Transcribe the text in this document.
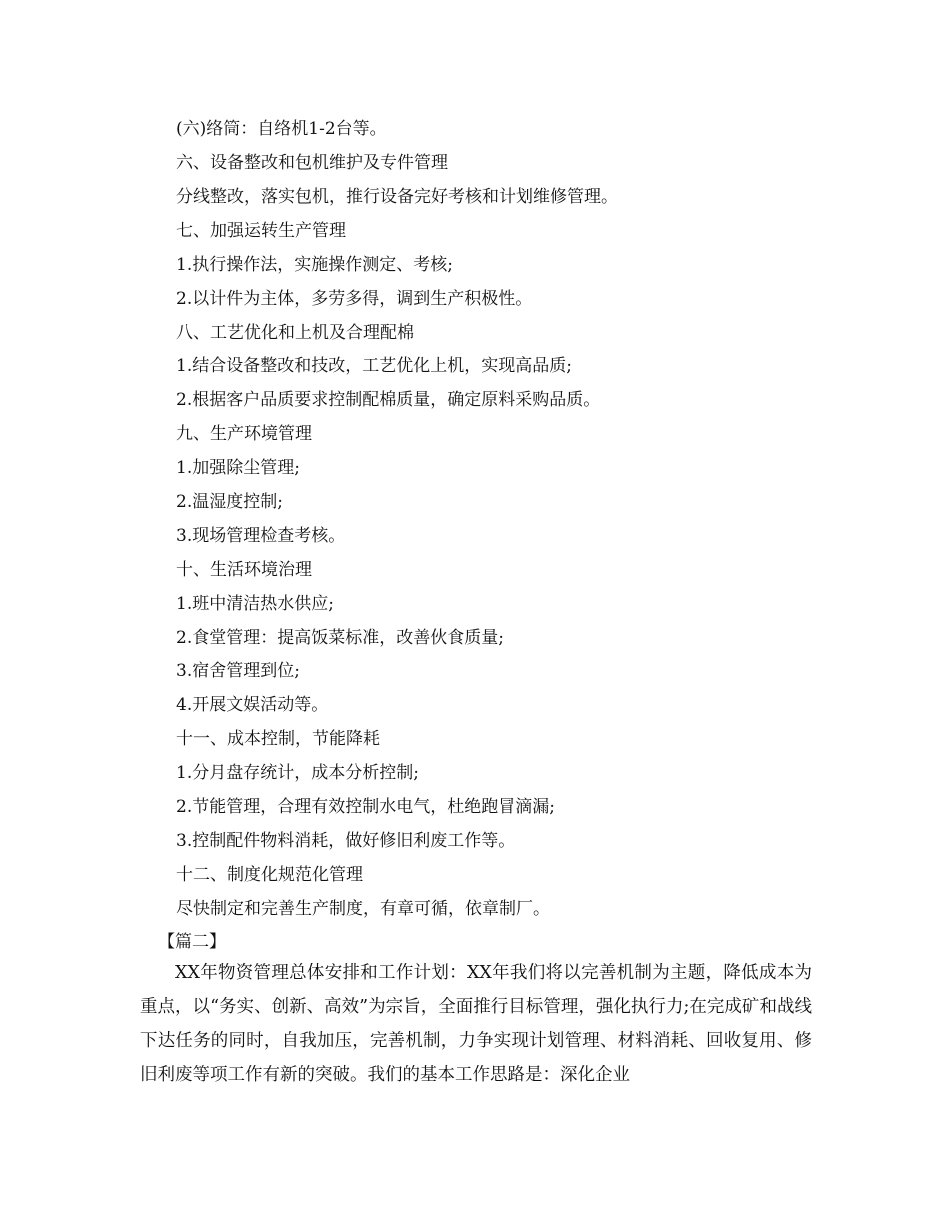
(六)络筒：自络机1-2台等。
六、设备整改和包机维护及专件管理
分线整改，落实包机，推行设备完好考核和计划维修管理。
七、加强运转生产管理
1.执行操作法，实施操作测定、考核;
2.以计件为主体，多劳多得，调到生产积极性。
八、工艺优化和上机及合理配棉
1.结合设备整改和技改，工艺优化上机，实现高品质;
2.根据客户品质要求控制配棉质量，确定原料采购品质。
九、生产环境管理
1.加强除尘管理;
2.温湿度控制;
3.现场管理检查考核。
十、生活环境治理
1.班中清洁热水供应;
2.食堂管理：提高饭菜标准，改善伙食质量;
3.宿舍管理到位;
4.开展文娱活动等。
十一、成本控制，节能降耗
1.分月盘存统计，成本分析控制;
2.节能管理，合理有效控制水电气，杜绝跑冒滴漏;
3.控制配件物料消耗，做好修旧利废工作等。
十二、制度化规范化管理
尽快制定和完善生产制度，有章可循，依章制厂。
【篇二】
XX年物资管理总体安排和工作计划：XX年我们将以完善机制为主题，降低成本为重点，以“务实、创新、高效”为宗旨，全面推行目标管理，强化执行力;在完成矿和战线下达任务的同时，自我加压，完善机制，力争实现计划管理、材料消耗、回收复用、修旧利废等项工作有新的突破。我们的基本工作思路是：深化企业
